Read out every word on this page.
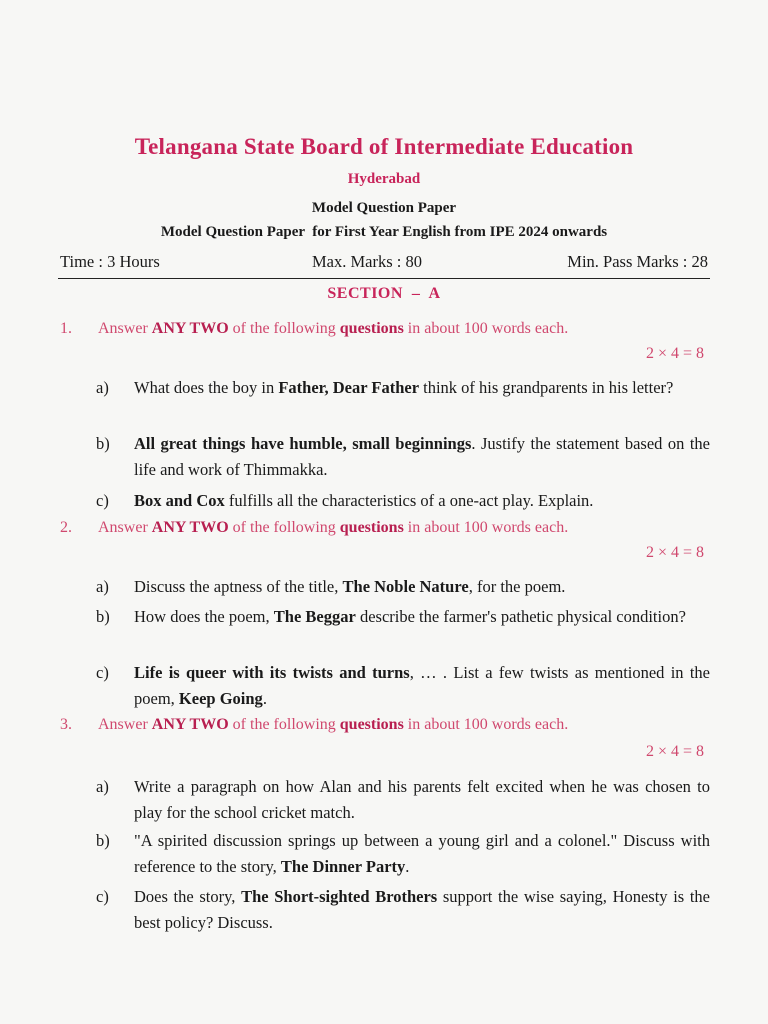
Telangana State Board of Intermediate Education
Hyderabad
Model Question Paper
Model Question Paper  for First Year English from IPE 2024 onwards
Time : 3 Hours	Max. Marks : 80	Min. Pass Marks : 28
SECTION  –  A
1. Answer ANY TWO of the following questions in about 100 words each.
2 × 4 = 8
a) What does the boy in Father, Dear Father think of his grandparents in his letter?
b) All great things have humble, small beginnings. Justify the statement based on the life and work of Thimmakka.
c) Box and Cox fulfills all the characteristics of a one-act play. Explain.
2. Answer ANY TWO of the following questions in about 100 words each.
2 × 4 = 8
a) Discuss the aptness of the title, The Noble Nature, for the poem.
b) How does the poem, The Beggar describe the farmer's pathetic physical condition?
c) Life is queer with its twists and turns, … . List a few twists as mentioned in the poem, Keep Going.
3. Answer ANY TWO of the following questions in about 100 words each.
2 × 4 = 8
a) Write a paragraph on how Alan and his parents felt excited when he was chosen to play for the school cricket match.
b) "A spirited discussion springs up between a young girl and a colonel." Discuss with reference to the story, The Dinner Party.
c) Does the story, The Short-sighted Brothers support the wise saying, Honesty is the best policy? Discuss.
